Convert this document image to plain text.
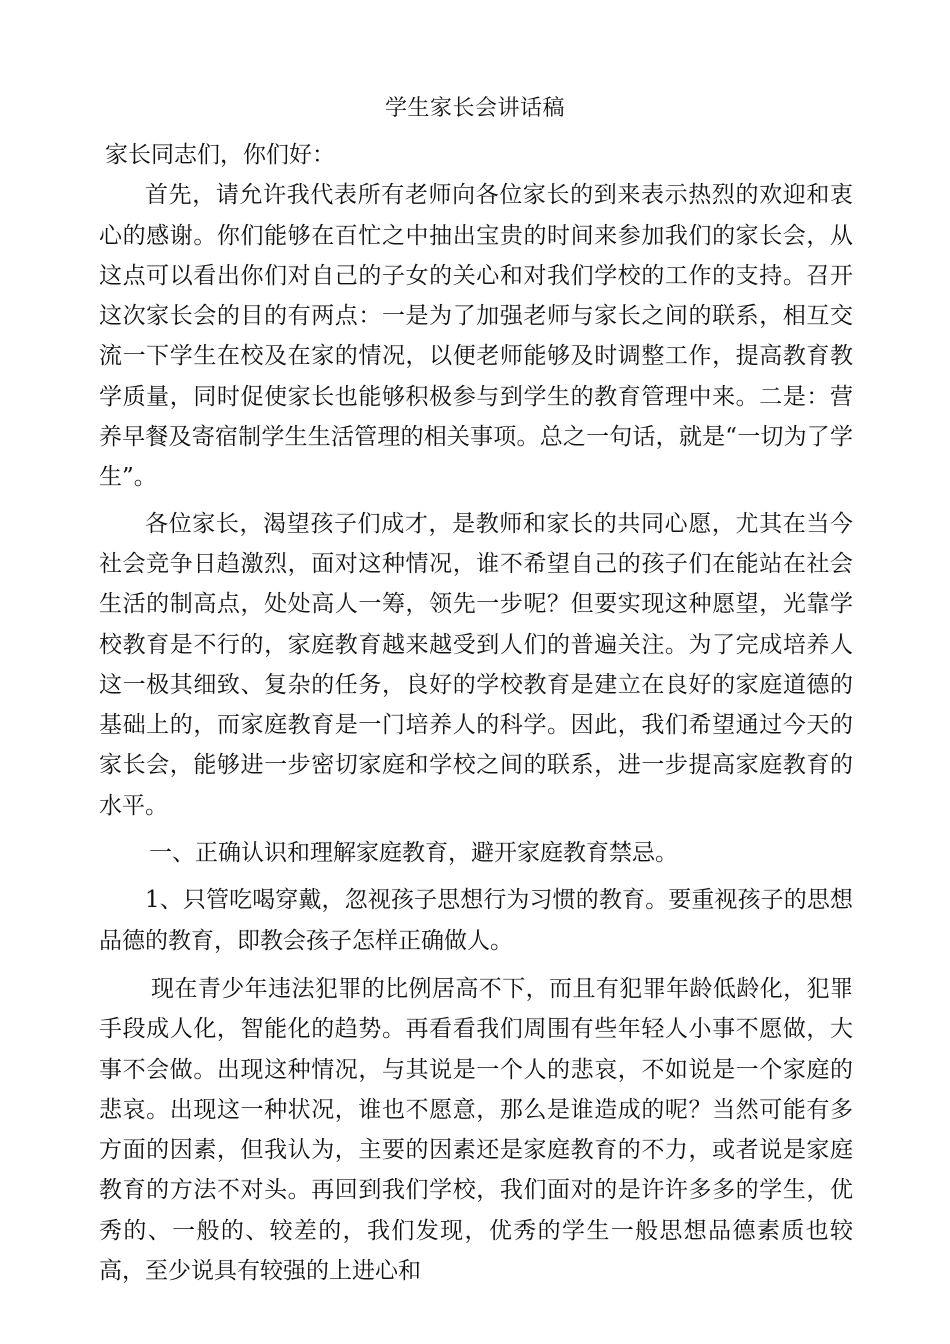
学生家长会讲话稿

家长同志们，你们好：

首先，请允许我代表所有老师向各位家长的到来表示热烈的欢迎和衷心的感谢。你们能够在百忙之中抽出宝贵的时间来参加我们的家长会，从这点可以看出你们对自己的子女的关心和对我们学校的工作的支持。召开这次家长会的目的有两点：一是为了加强老师与家长之间的联系，相互交流一下学生在校及在家的情况，以便老师能够及时调整工作，提高教育教学质量，同时促使家长也能够积极参与到学生的教育管理中来。二是：营养早餐及寄宿制学生生活管理的相关事项。总之一句话，就是“一切为了学生”。

各位家长，渴望孩子们成才，是教师和家长的共同心愿，尤其在当今社会竞争日趋激烈，面对这种情况，谁不希望自己的孩子们在能站在社会生活的制高点，处处高人一筹，领先一步呢？但要实现这种愿望，光靠学校教育是不行的，家庭教育越来越受到人们的普遍关注。为了完成培养人这一极其细致、复杂的任务，良好的学校教育是建立在良好的家庭道德的基础上的，而家庭教育是一门培养人的科学。因此，我们希望通过今天的家长会，能够进一步密切家庭和学校之间的联系，进一步提高家庭教育的水平。

一、正确认识和理解家庭教育，避开家庭教育禁忌。

1、只管吃喝穿戴，忽视孩子思想行为习惯的教育。要重视孩子的思想品德的教育，即教会孩子怎样正确做人。

现在青少年违法犯罪的比例居高不下，而且有犯罪年龄低龄化，犯罪手段成人化，智能化的趋势。再看看我们周围有些年轻人小事不愿做，大事不会做。出现这种情况，与其说是一个人的悲哀，不如说是一个家庭的悲哀。出现这一种状况，谁也不愿意，那么是谁造成的呢？当然可能有多方面的因素，但我认为，主要的因素还是家庭教育的不力，或者说是家庭教育的方法不对头。再回到我们学校，我们面对的是许许多多的学生，优秀的、一般的、较差的，我们发现，优秀的学生一般思想品德素质也较高，至少说具有较强的上进心和
